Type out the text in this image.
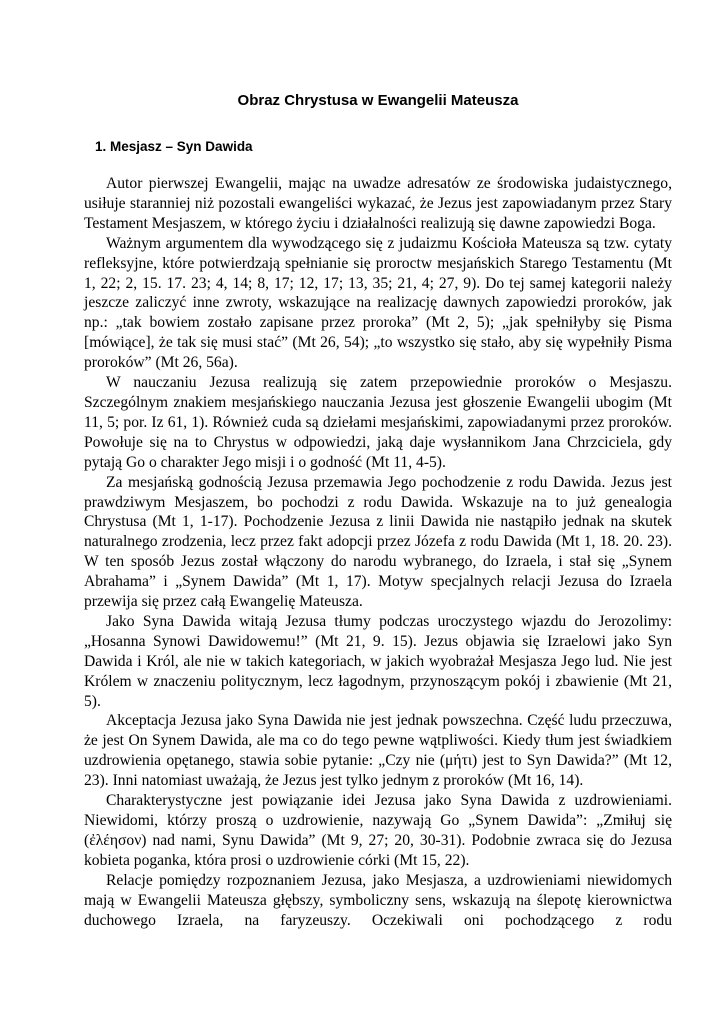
Obraz Chrystusa w Ewangelii Mateusza
1. Mesjasz – Syn Dawida

Autor pierwszej Ewangelii, mając na uwadze adresatów ze środowiska judaistycznego, usiłuje staranniej niż pozostali ewangeliści wykazać, że Jezus jest zapowiadanym przez Stary Testament Mesjaszem, w którego życiu i działalności realizują się dawne zapowiedzi Boga.

Ważnym argumentem dla wywodzącego się z judaizmu Kościoła Mateusza są tzw. cytaty refleksyjne, które potwierdzają spełnianie się proroctw mesjańskich Starego Testamentu (Mt 1, 22; 2, 15. 17. 23; 4, 14; 8, 17; 12, 17; 13, 35; 21, 4; 27, 9). Do tej samej kategorii należy jeszcze zaliczyć inne zwroty, wskazujące na realizację dawnych zapowiedzi proroków, jak np.: „tak bowiem zostało zapisane przez proroka” (Mt 2, 5); „jak spełniłyby się Pisma [mówiące], że tak się musi stać” (Mt 26, 54); „to wszystko się stało, aby się wypełniły Pisma proroków” (Mt 26, 56a).

W nauczaniu Jezusa realizują się zatem przepowiednie proroków o Mesjaszu. Szczególnym znakiem mesjańskiego nauczania Jezusa jest głoszenie Ewangelii ubogim (Mt 11, 5; por. Iz 61, 1). Również cuda są dziełami mesjańskimi, zapowiadanymi przez proroków. Powołuje się na to Chrystus w odpowiedzi, jaką daje wysłannikom Jana Chrzciciela, gdy pytają Go o charakter Jego misji i o godność (Mt 11, 4-5).

Za mesjańską godnością Jezusa przemawia Jego pochodzenie z rodu Dawida. Jezus jest prawdziwym Mesjaszem, bo pochodzi z rodu Dawida. Wskazuje na to już genealogia Chrystusa (Mt 1, 1-17). Pochodzenie Jezusa z linii Dawida nie nastąpiło jednak na skutek naturalnego zrodzenia, lecz przez fakt adopcji przez Józefa z rodu Dawida (Mt 1, 18. 20. 23). W ten sposób Jezus został włączony do narodu wybranego, do Izraela, i stał się „Synem Abrahama” i „Synem Dawida” (Mt 1, 17). Motyw specjalnych relacji Jezusa do Izraela przewija się przez całą Ewangelię Mateusza.

Jako Syna Dawida witają Jezusa tłumy podczas uroczystego wjazdu do Jerozolimy: „Hosanna Synowi Dawidowemu!” (Mt 21, 9. 15). Jezus objawia się Izraelowi jako Syn Dawida i Król, ale nie w takich kategoriach, w jakich wyobrażał Mesjasza Jego lud. Nie jest Królem w znaczeniu politycznym, lecz łagodnym, przynoszącym pokój i zbawienie (Mt 21, 5).

Akceptacja Jezusa jako Syna Dawida nie jest jednak powszechna. Część ludu przeczuwa, że jest On Synem Dawida, ale ma co do tego pewne wątpliwości. Kiedy tłum jest świadkiem uzdrowienia opętanego, stawia sobie pytanie: „Czy nie (μήτι) jest to Syn Dawida?” (Mt 12, 23). Inni natomiast uważają, że Jezus jest tylko jednym z proroków (Mt 16, 14).

Charakterystyczne jest powiązanie idei Jezusa jako Syna Dawida z uzdrowieniami. Niewidomi, którzy proszą o uzdrowienie, nazywają Go „Synem Dawida”: „Zmiłuj się (ἐλέησον) nad nami, Synu Dawida” (Mt 9, 27; 20, 30-31). Podobnie zwraca się do Jezusa kobieta poganka, która prosi o uzdrowienie córki (Mt 15, 22).

Relacje pomiędzy rozpoznaniem Jezusa, jako Mesjasza, a uzdrowieniami niewidomych mają w Ewangelii Mateusza głębszy, symboliczny sens, wskazują na ślepotę kierownictwa duchowego Izraela, na faryzeuszy. Oczekiwali oni pochodzącego z rodu
